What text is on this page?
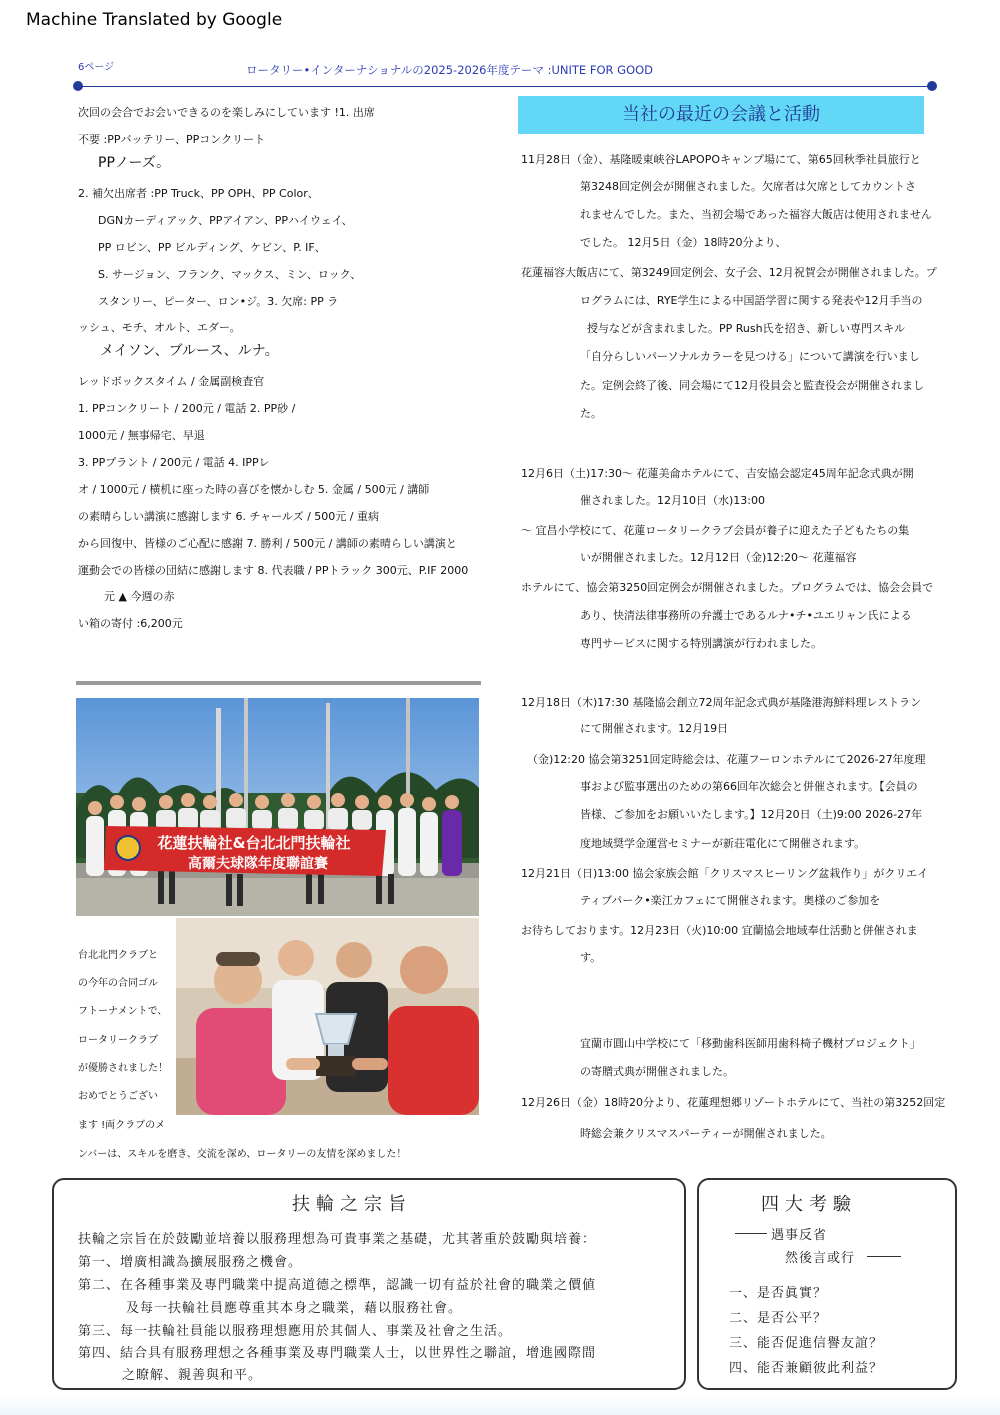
Machine Translated by Google
6ページ	ロータリー•インターナショナルの2025-2026年度テーマ :UNITE FOR GOOD

次回の会合でお会いできるのを楽しみにしています !1. 出席

不要 :PPバッテリー、PPコンクリート

PPノーズ。

2. 補欠出席者 :PP Truck、PP OPH、PP Color、

DGNカーディアック、PPアイアン、PPハイウェイ、

PP ロビン、PP ビルディング、ケビン、P. IF、

S. サージョン、フランク、マックス、ミン、ロック、

スタンリー、ピーター、ロン•ジ。3. 欠席: PP ラ

ッシュ、モチ、オルト、エダー。

メイソン、ブルース、ルナ。

レッドボックスタイム / 金属副検査官

1. PPコンクリート / 200元 / 電話 2. PP砂 /

1000元 / 無事帰宅、早退

3. PPプラント / 200元 / 電話 4. IPPレ

オ / 1000元 / 横机に座った時の喜びを懐かしむ 5. 金属 / 500元 / 講師

の素晴らしい講演に感謝します 6. チャールズ / 500元 / 重病

から回復中、皆様のご心配に感謝 7. 勝利 / 500元 / 講師の素晴らしい講演と

運動会での皆様の団結に感謝します 8. 代表職 / PPトラック 300元、P.IF 2000

元 ▲ 今週の赤

い箱の寄付 :6,200元

花蓮扶輪社&台北北門扶輪社
高爾夫球隊年度聯誼賽

台北北門クラブと

の今年の合同ゴル

フトーナメントで、

ロータリークラブ

が優勝されました！

おめでとうござい

ます !両クラブのメ

ンバーは、スキルを磨き、交流を深め、ロータリーの友情を深めました！

当社の最近の会議と活動

11月28日（金）、基隆暖東峡谷LAPOPOキャンプ場にて、第65回秋季社員旅行と

第3248回定例会が開催されました。欠席者は欠席としてカウントさ

れませんでした。また、当初会場であった福容大飯店は使用されません

でした。 12月5日（金）18時20分より、

花蓮福容大飯店にて、第3249回定例会、女子会、12月祝賀会が開催されました。プ

ログラムには、RYE学生による中国語学習に関する発表や12月手当の

授与などが含まれました。PP Rush氏を招き、新しい専門スキル

「自分らしいパーソナルカラーを見つける」について講演を行いまし

た。定例会終了後、同会場にて12月役員会と監査役会が開催されまし

た。

12月6日（土)17:30～ 花蓮美侖ホテルにて、吉安協会認定45周年記念式典が開

催されました。12月10日（水)13:00

～ 宜昌小学校にて、花蓮ロータリークラブ会員が養子に迎えた子どもたちの集

いが開催されました。12月12日（金)12:20～ 花蓮福容

ホテルにて、協会第3250回定例会が開催されました。プログラムでは、協会会員で

あり、快清法律事務所の弁護士であるルナ•チ•ユエリャン氏による

専門サービスに関する特別講演が行われました。

12月18日（木)17:30 基隆協会創立72周年記念式典が基隆港海鮮料理レストラン

にて開催されます。12月19日

（金)12:20 協会第3251回定時総会は、花蓮フーロンホテルにて2026-27年度理

事および監事選出のための第66回年次総会と併催されます。【会員の

皆様、ご参加をお願いいたします。】12月20日（土)9:00 2026-27年

度地域奨学金運営セミナーが新荘電化にて開催されます。

12月21日（日)13:00 協会家族会館「クリスマスヒーリング盆栽作り」がクリエイ

ティブパーク•楽江カフェにて開催されます。奥様のご参加を

お待ちしております。12月23日（火)10:00 宜蘭協会地域奉仕活動と併催されま

す。

宜蘭市圓山中学校にて「移動歯科医師用歯科椅子機材プロジェクト」

の寄贈式典が開催されました。

12月26日（金）18時20分より、花蓮理想郷リゾートホテルにて、当社の第3252回定

時総会兼クリスマスパーティーが開催されました。

扶輪之宗旨
扶輪之宗旨在於鼓勵並培養以服務理想為可貴事業之基礎，尤其著重於鼓勵與培養：
第一、增廣相識為擴展服務之機會。
第二、在各種事業及專門職業中提高道德之標準，認識一切有益於社會的職業之價値
及每一扶輪社員應尊重其本身之職業，藉以服務社會。
第三、每一扶輪社員能以服務理想應用於其個人、事業及社會之生活。
第四、結合具有服務理想之各種事業及專門職業人士，以世界性之聯誼，增進國際間
之瞭解、親善與和平。
四大考驗
遇事反省
然後言或行
一、是否眞實？
二、是否公平？
三、能否促進信譽友誼？
四、能否兼顧彼此利益？
